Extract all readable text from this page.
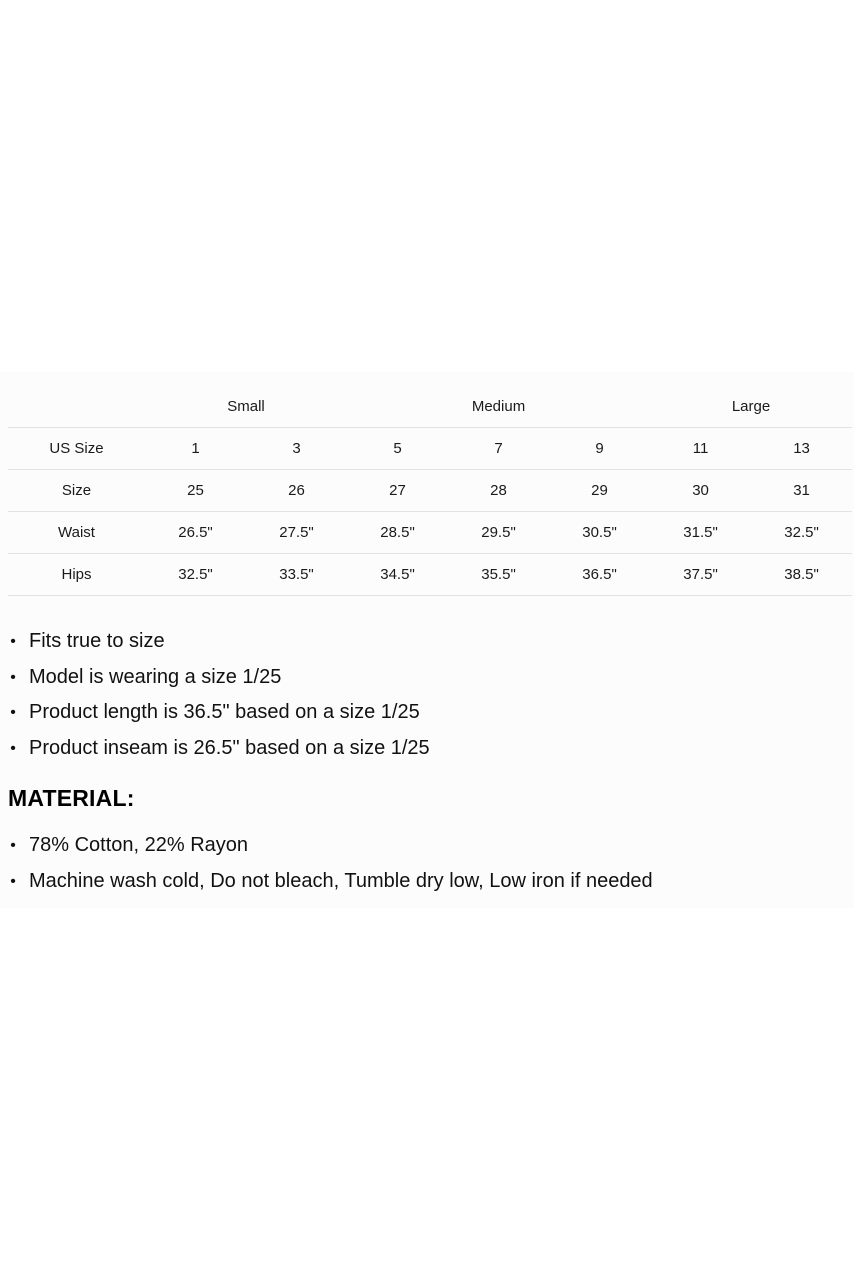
	Small		Medium			Large	
US Size	1	3	5	7	9	11	13
Size	25	26	27	28	29	30	31
Waist	26.5"	27.5"	28.5"	29.5"	30.5"	31.5"	32.5"
Hips	32.5"	33.5"	34.5"	35.5"	36.5"	37.5"	38.5"
• Fits true to size
• Model is wearing a size 1/25
• Product length is 36.5" based on a size 1/25
• Product inseam is 26.5" based on a size 1/25
MATERIAL:
• 78% Cotton, 22% Rayon
• Machine wash cold, Do not bleach, Tumble dry low, Low iron if needed
